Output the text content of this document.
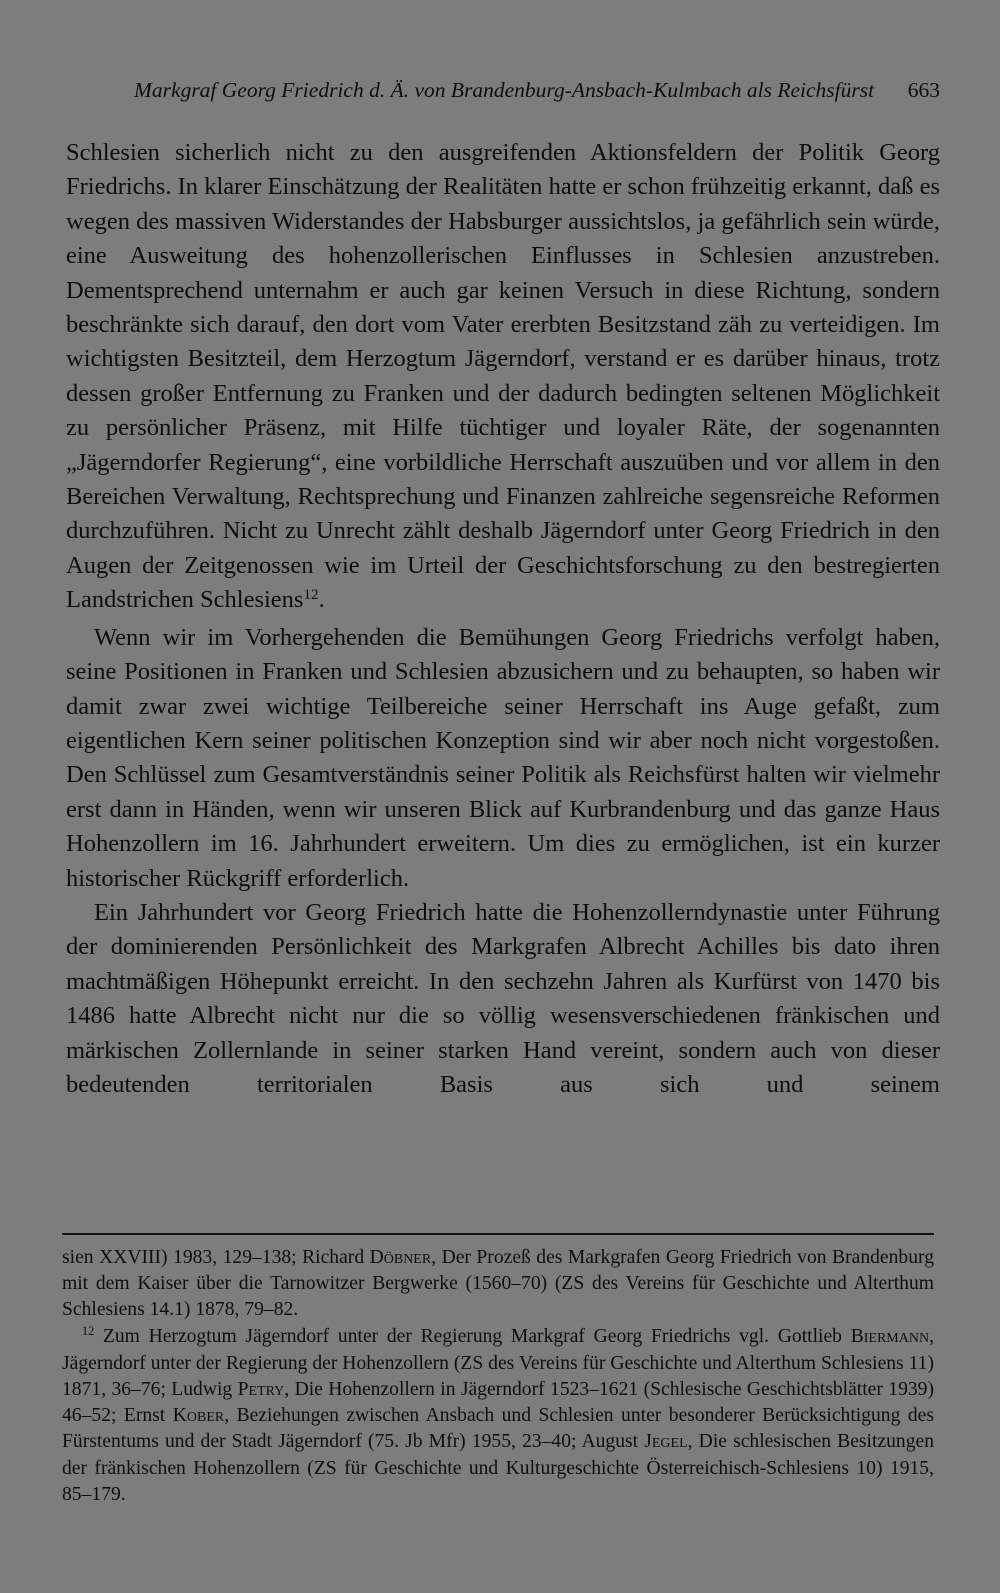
Markgraf Georg Friedrich d. Ä. von Brandenburg-Ansbach-Kulmbach als Reichsfürst 663

Schlesien sicherlich nicht zu den ausgreifenden Aktionsfeldern der Politik Georg Friedrichs. In klarer Einschätzung der Realitäten hatte er schon frühzeitig erkannt, daß es wegen des massiven Widerstandes der Habsburger aussichtslos, ja gefährlich sein würde, eine Ausweitung des hohenzollerischen Einflusses in Schlesien anzustreben. Dementsprechend unternahm er auch gar keinen Versuch in diese Richtung, sondern beschränkte sich darauf, den dort vom Vater ererbten Besitzstand zäh zu verteidigen. Im wichtigsten Besitzteil, dem Herzogtum Jägerndorf, verstand er es darüber hinaus, trotz dessen großer Entfernung zu Franken und der dadurch bedingten seltenen Möglichkeit zu persönlicher Präsenz, mit Hilfe tüchtiger und loyaler Räte, der sogenannten „Jägerndorfer Regierung“, eine vorbildliche Herrschaft auszuüben und vor allem in den Bereichen Verwaltung, Rechtsprechung und Finanzen zahlreiche segensreiche Reformen durchzuführen. Nicht zu Unrecht zählt deshalb Jägerndorf unter Georg Friedrich in den Augen der Zeitgenossen wie im Urteil der Geschichtsforschung zu den bestregierten Landstrichen Schlesiens$^{12}$.

Wenn wir im Vorhergehenden die Bemühungen Georg Friedrichs verfolgt haben, seine Positionen in Franken und Schlesien abzusichern und zu behaupten, so haben wir damit zwar zwei wichtige Teilbereiche seiner Herrschaft ins Auge gefaßt, zum eigentlichen Kern seiner politischen Konzeption sind wir aber noch nicht vorgestoßen. Den Schlüssel zum Gesamtverständnis seiner Politik als Reichsfürst halten wir vielmehr erst dann in Händen, wenn wir unseren Blick auf Kurbrandenburg und das ganze Haus Hohenzollern im 16. Jahrhundert erweitern. Um dies zu ermöglichen, ist ein kurzer historischer Rückgriff erforderlich.

Ein Jahrhundert vor Georg Friedrich hatte die Hohenzollerndynastie unter Führung der dominierenden Persönlichkeit des Markgrafen Albrecht Achilles bis dato ihren machtmäßigen Höhepunkt erreicht. In den sechzehn Jahren als Kurfürst von 1470 bis 1486 hatte Albrecht nicht nur die so völlig wesensverschiedenen fränkischen und märkischen Zollernlande in seiner starken Hand vereint, sondern auch von dieser bedeutenden territorialen Basis aus sich und seinem

sien XXVIII) 1983, 129–138; Richard Döbner, Der Prozeß des Markgrafen Georg Friedrich von Brandenburg mit dem Kaiser über die Tarnowitzer Bergwerke (1560–70) (ZS des Vereins für Geschichte und Alterthum Schlesiens 14.1) 1878, 79–82.

$^{12}$ Zum Herzogtum Jägerndorf unter der Regierung Markgraf Georg Friedrichs vgl. Gottlieb Biermann, Jägerndorf unter der Regierung der Hohenzollern (ZS des Vereins für Geschichte und Alterthum Schlesiens 11) 1871, 36–76; Ludwig Petry, Die Hohenzollern in Jägerndorf 1523–1621 (Schlesische Geschichtsblätter 1939) 46–52; Ernst Kober, Beziehungen zwischen Ansbach und Schlesien unter besonderer Berücksichtigung des Fürstentums und der Stadt Jägerndorf (75. Jb Mfr) 1955, 23–40; August Jegel, Die schlesischen Besitzungen der fränkischen Hohenzollern (ZS für Geschichte und Kulturgeschichte Österreichisch-Schlesiens 10) 1915, 85–179.
